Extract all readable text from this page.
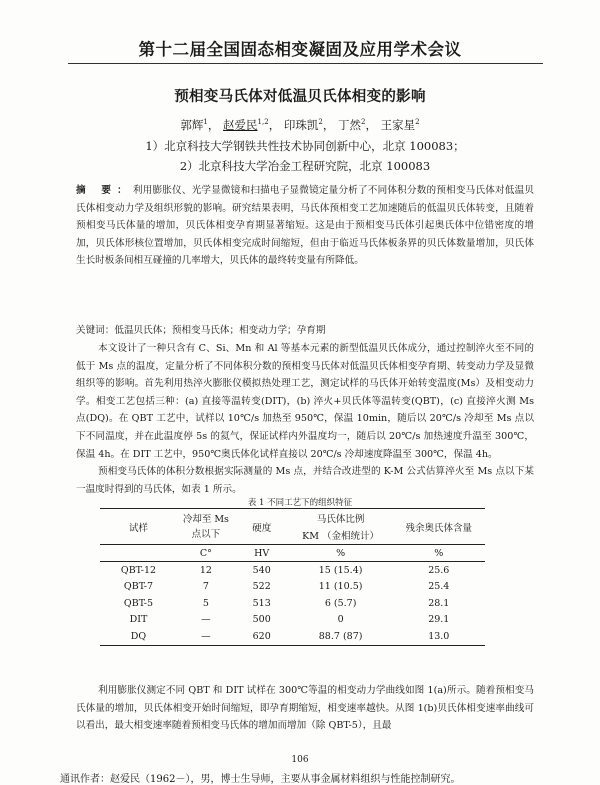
第十二届全国固态相变凝固及应用学术会议
预相变马氏体对低温贝氏体相变的影响
郭辉$^1$， 赵爱民$^{1,2}$， 印珠凯$^2$， 丁然$^2$， 王家星$^2$
1）北京科技大学钢铁共性技术协同创新中心，北京 100083；
2）北京科技大学冶金工程研究院，北京 100083
摘 要：利用膨胀仪、光学显微镜和扫描电子显微镜定量分析了不同体积分数的预相变马氏体对低温贝氏体相变动力学及组织形貌的影响。研究结果表明，马氏体预相变工艺加速随后的低温贝氏体转变，且随着预相变马氏体量的增加，贝氏体相变孕育期显著缩短。这是由于预相变马氏体引起奥氏体中位错密度的增加，贝氏体形核位置增加，贝氏体相变完成时间缩短，但由于临近马氏体板条界的贝氏体数量增加，贝氏体生长时板条间相互碰撞的几率增大，贝氏体的最终转变量有所降低。
关键词：低温贝氏体；预相变马氏体；相变动力学；孕育期
本文设计了一种只含有 C、Si、Mn 和 Al 等基本元素的新型低温贝氏体成分，通过控制淬火至不同的低于 Ms 点的温度，定量分析了不同体积分数的预相变马氏体对低温贝氏体相变孕育期、转变动力学及显微组织等的影响。首先利用热淬火膨胀仪模拟热处理工艺，测定试样的马氏体开始转变温度(Ms）及相变动力学。相变工艺包括三种：(a) 直接等温转变(DIT)，(b) 淬火+贝氏体等温转变(QBT)，(c) 直接淬火测 Ms 点(DQ)。在 QBT 工艺中，试样以 10℃/s 加热至 950℃，保温 10min，随后以 20℃/s 冷却至 Ms 点以下不同温度，并在此温度停 5s 的氦气，保证试样内外温度均一，随后以 20℃/s 加热速度升温至 300℃，保温 4h。在 DIT 工艺中，950℃奥氏体化试样直接以 20℃/s 冷却速度降温至 300℃，保温 4h。
预相变马氏体的体积分数根据实际测量的 Ms 点，并结合改进型的 K-M 公式估算淬火至 Ms 点以下某一温度时得到的马氏体，如表 1 所示。
表 1 不同工艺下的组织特征
试样	冷却至 Ms 点以下	硬度	马氏体比例	残余奥氏体含量
			KM （金相统计）	
	C°	HV	%	%
QBT-12	12	540	15 (15.4)	25.6
QBT-7	7	522	11 (10.5)	25.4
QBT-5	5	513	6 (5.7)	28.1
DIT	—	500	0	29.1
DQ	—	620	88.7 (87)	13.0
利用膨胀仪测定不同 QBT 和 DIT 试样在 300℃等温的相变动力学曲线如图 1(a)所示。随着预相变马氏体量的增加，贝氏体相变开始时间缩短，即孕育期缩短，相变速率越快。从图 1(b)贝氏体相变速率曲线可以看出，最大相变速率随着预相变马氏体的增加而增加（除 QBT-5），且最
106
通讯作者：赵爱民（1962－），男，博士生导师，主要从事金属材料组织与性能控制研究。
